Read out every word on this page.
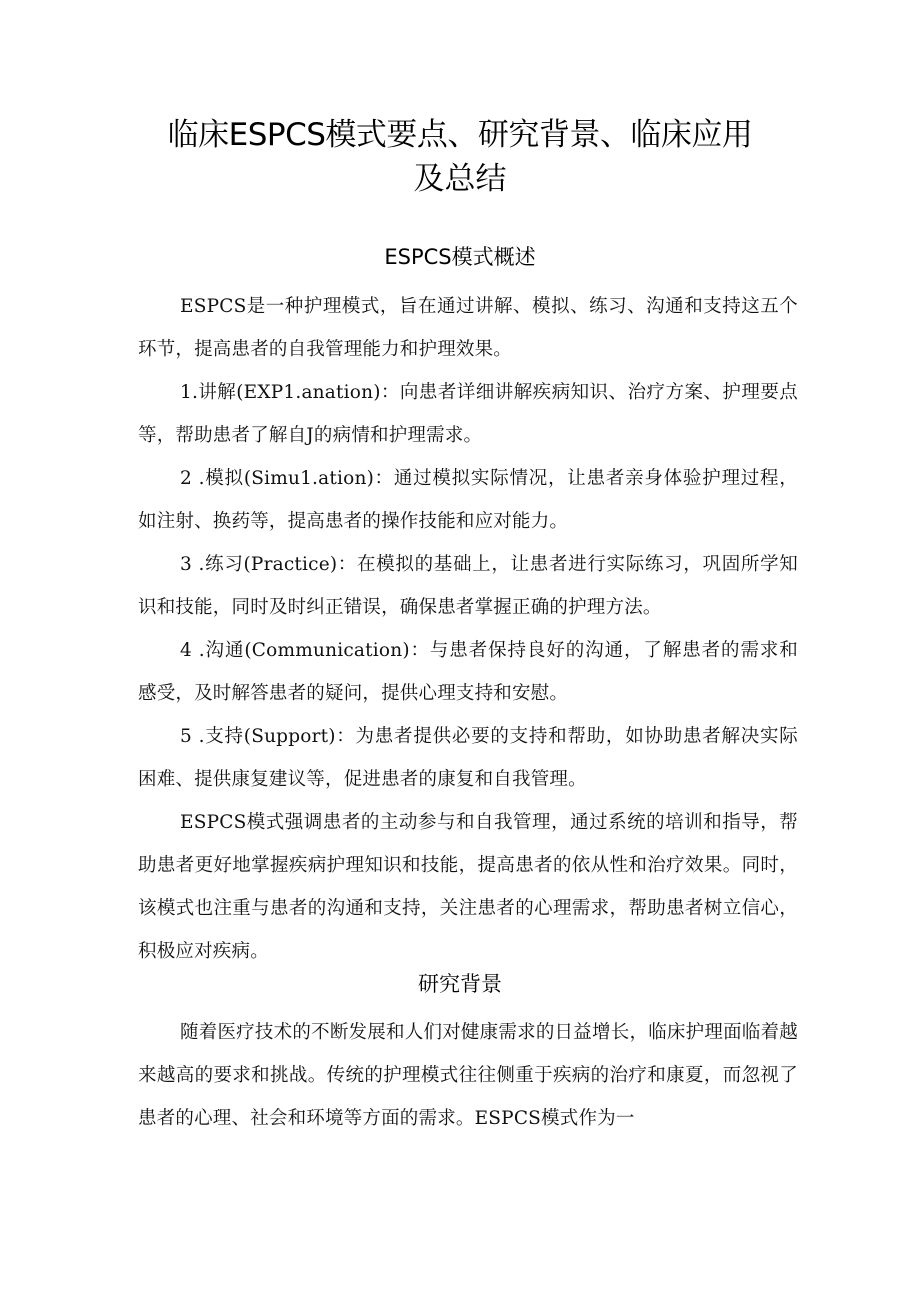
临床ESPCS模式要点、研究背景、临床应用
及总结
ESPCS模式概述

ESPCS是一种护理模式，旨在通过讲解、模拟、练习、沟通和支持这五个环节，提高患者的自我管理能力和护理效果。

1.讲解(EXP1.anation)：向患者详细讲解疾病知识、治疗方案、护理要点等，帮助患者了解自J的病情和护理需求。

2 .模拟(Simu1.ation)：通过模拟实际情况，让患者亲身体验护理过程，如注射、换药等，提高患者的操作技能和应对能力。

3 .练习(Practice)：在模拟的基础上，让患者进行实际练习，巩固所学知识和技能，同时及时纠正错误，确保患者掌握正确的护理方法。

4 .沟通(Communication)：与患者保持良好的沟通，了解患者的需求和感受，及时解答患者的疑问，提供心理支持和安慰。

5 .支持(Support)：为患者提供必要的支持和帮助，如协助患者解决实际困难、提供康复建议等，促进患者的康复和自我管理。

ESPCS模式强调患者的主动参与和自我管理，通过系统的培训和指导，帮助患者更好地掌握疾病护理知识和技能，提高患者的依从性和治疗效果。同时，该模式也注重与患者的沟通和支持，关注患者的心理需求，帮助患者树立信心，积极应对疾病。

研究背景

随着医疗技术的不断发展和人们对健康需求的日益增长，临床护理面临着越来越高的要求和挑战。传统的护理模式往往侧重于疾病的治疗和康夏，而忽视了患者的心理、社会和环境等方面的需求。ESPCS模式作为一
